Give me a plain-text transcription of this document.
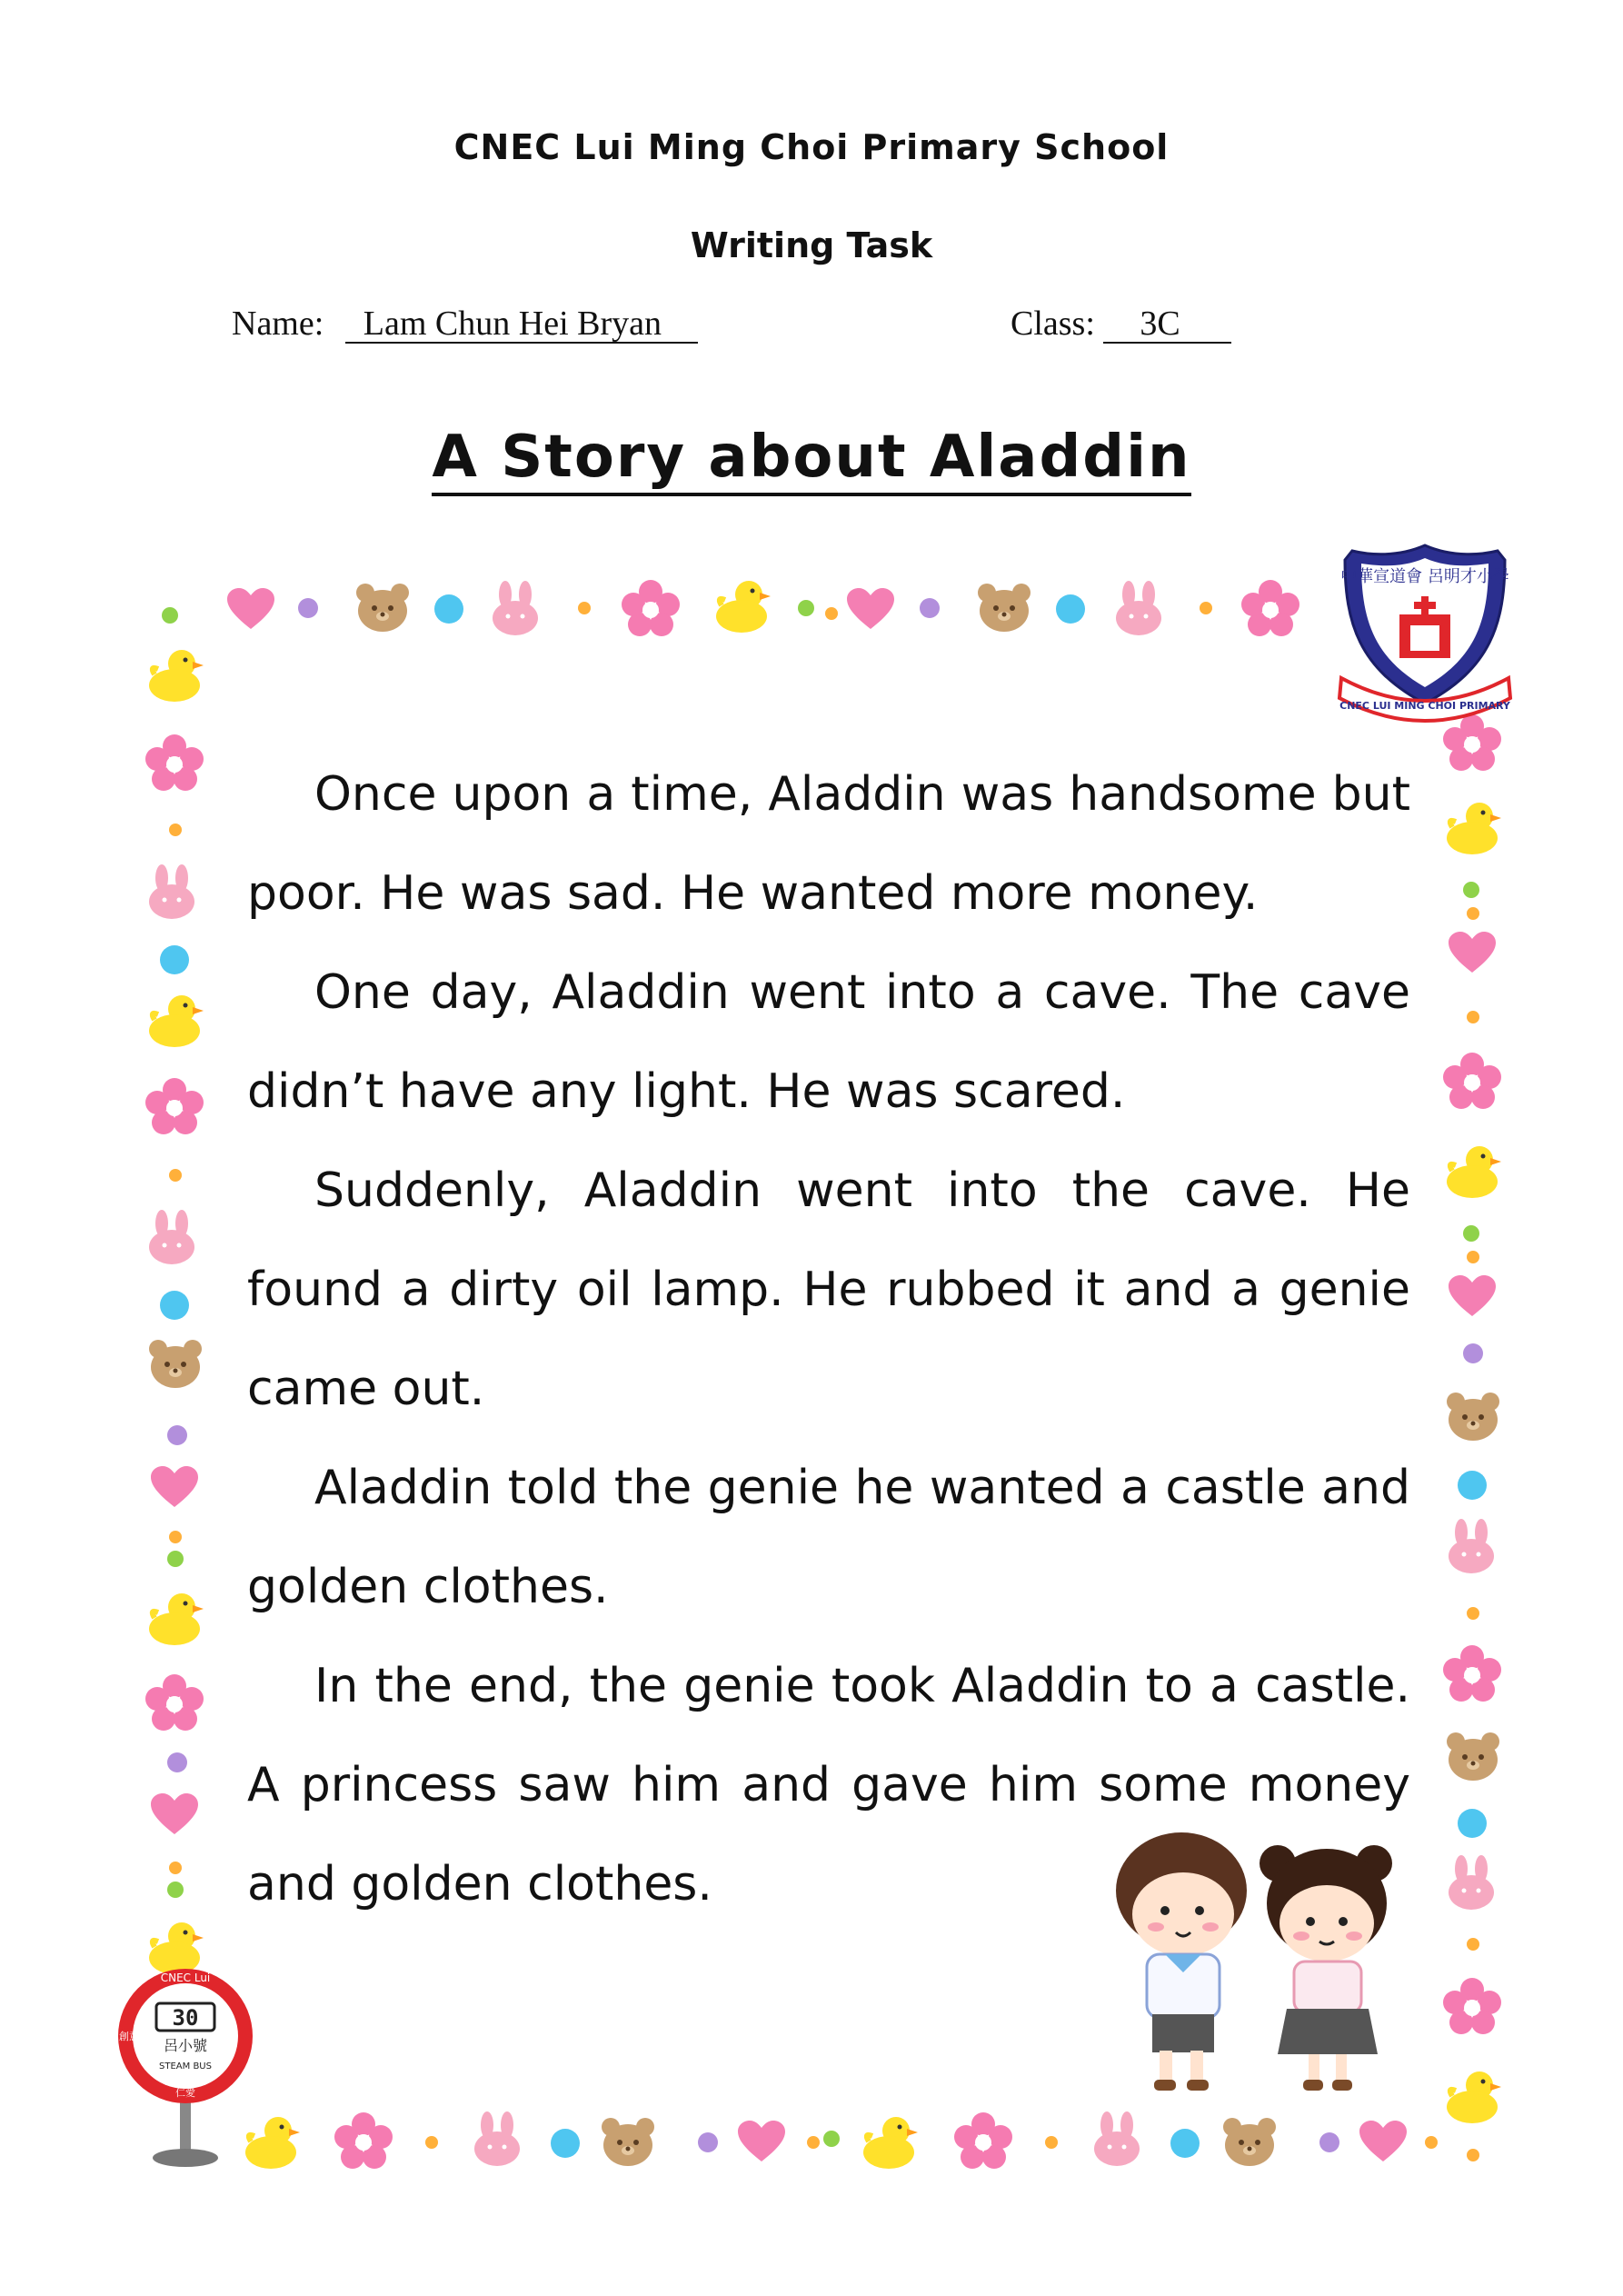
CNEC Lui Ming Choi Primary School
Writing Task
Name: Lam Chun Hei Bryan	Class: 3C
A Story about Aladdin

Once upon a time, Aladdin was handsome but poor. He was sad. He wanted more money.

One day, Aladdin went into a cave. The cave didn’t have any light. He was scared.

Suddenly, Aladdin went into the cave. He found a dirty oil lamp. He rubbed it and a genie came out.

Aladdin told the genie he wanted a castle and golden clothes.

In the end, the genie took Aladdin to a castle. A princess saw him and gave him some money and golden clothes.

中華宣道會 呂明才小學
CNEC LUI MING CHOI PRIMARY
CNEC Lui
30
呂小號
STEAM BUS
創意
仁愛
